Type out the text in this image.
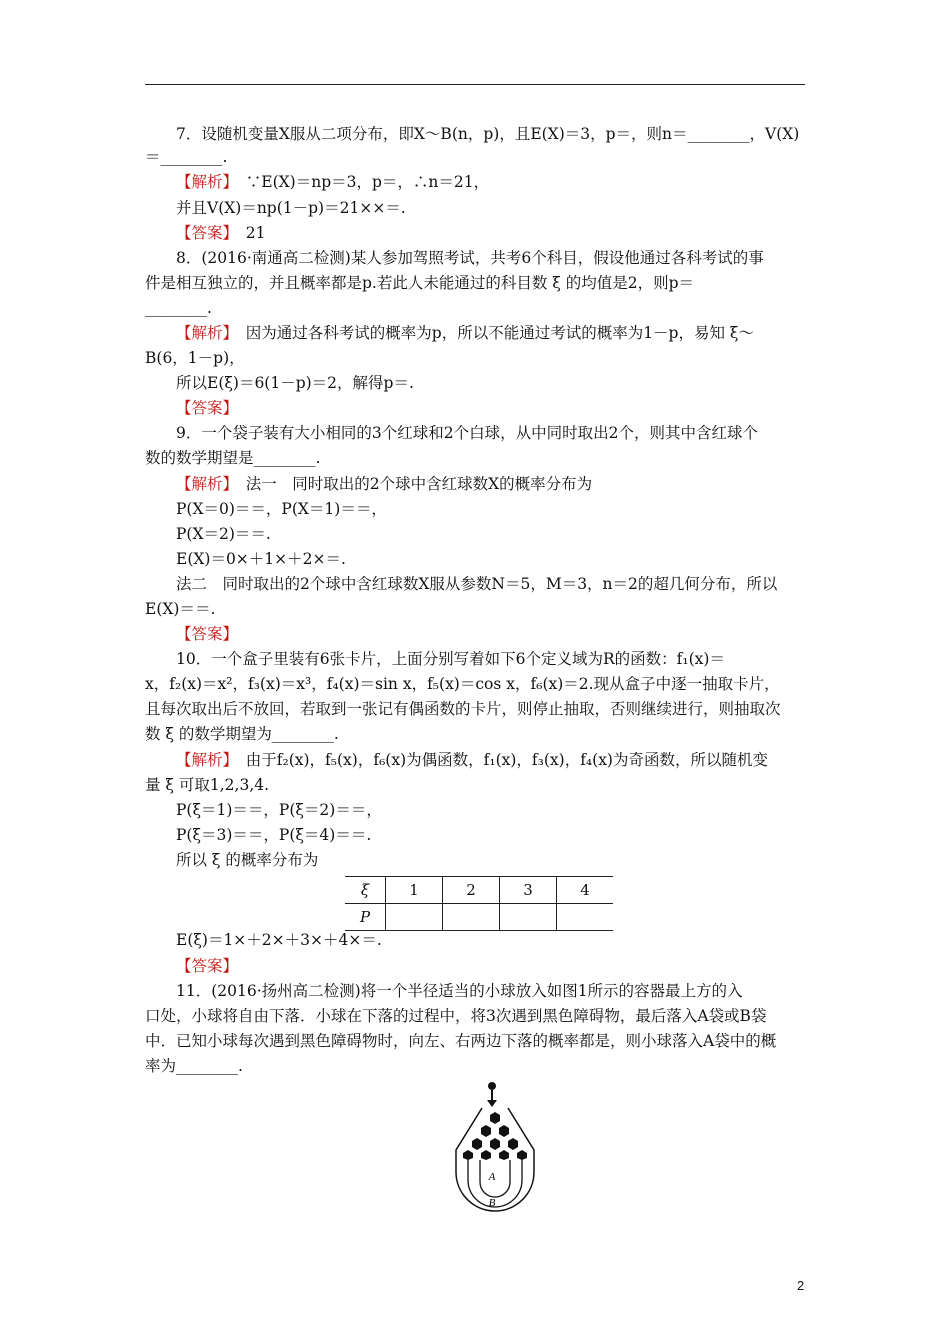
7．设随机变量X服从二项分布，即X～B(n，p)，且E(X)＝3，p＝，则n＝________，V(X)
＝________.
【解析】　∵E(X)＝np＝3，p＝，∴n＝21，
并且V(X)＝np(1－p)＝21××＝.
【答案】　21
8．(2016·南通高二检测)某人参加驾照考试，共考6个科目，假设他通过各科考试的事
件是相互独立的，并且概率都是p.若此人未能通过的科目数 ξ 的均值是2，则p＝
________.
【解析】　因为通过各科考试的概率为p，所以不能通过考试的概率为1－p，易知 ξ～
B(6，1－p)，
所以E(ξ)＝6(1－p)＝2，解得p＝.
【答案】
9．一个袋子装有大小相同的3个红球和2个白球，从中同时取出2个，则其中含红球个
数的数学期望是________.
【解析】　法一　同时取出的2个球中含红球数X的概率分布为
P(X＝0)＝＝，P(X＝1)＝＝，
P(X＝2)＝＝.
E(X)＝0×＋1×＋2×＝.
法二　同时取出的2个球中含红球数X服从参数N＝5，M＝3，n＝2的超几何分布，所以
E(X)＝＝.
【答案】
10．一个盒子里装有6张卡片，上面分别写着如下6个定义域为R的函数：f₁(x)＝
x，f₂(x)＝x²，f₃(x)＝x³，f₄(x)＝sin x，f₅(x)＝cos x，f₆(x)＝2.现从盒子中逐一抽取卡片，
且每次取出后不放回，若取到一张记有偶函数的卡片，则停止抽取，否则继续进行，则抽取次
数 ξ 的数学期望为________.
【解析】　由于f₂(x)，f₅(x)，f₆(x)为偶函数，f₁(x)，f₃(x)，f₄(x)为奇函数，所以随机变
量 ξ 可取1,2,3,4.
P(ξ＝1)＝＝，P(ξ＝2)＝＝，
P(ξ＝3)＝＝，P(ξ＝4)＝＝.
所以 ξ 的概率分布为
E(ξ)＝1×＋2×＋3×＋4×＝.
【答案】
11．(2016·扬州高二检测)将一个半径适当的小球放入如图1所示的容器最上方的入
口处，小球将自由下落．小球在下落的过程中，将3次遇到黑色障碍物，最后落入A袋或B袋
中．已知小球每次遇到黑色障碍物时，向左、右两边下落的概率都是，则小球落入A袋中的概
率为________.
ξ	1	2	3	4
P				
A
B
2
